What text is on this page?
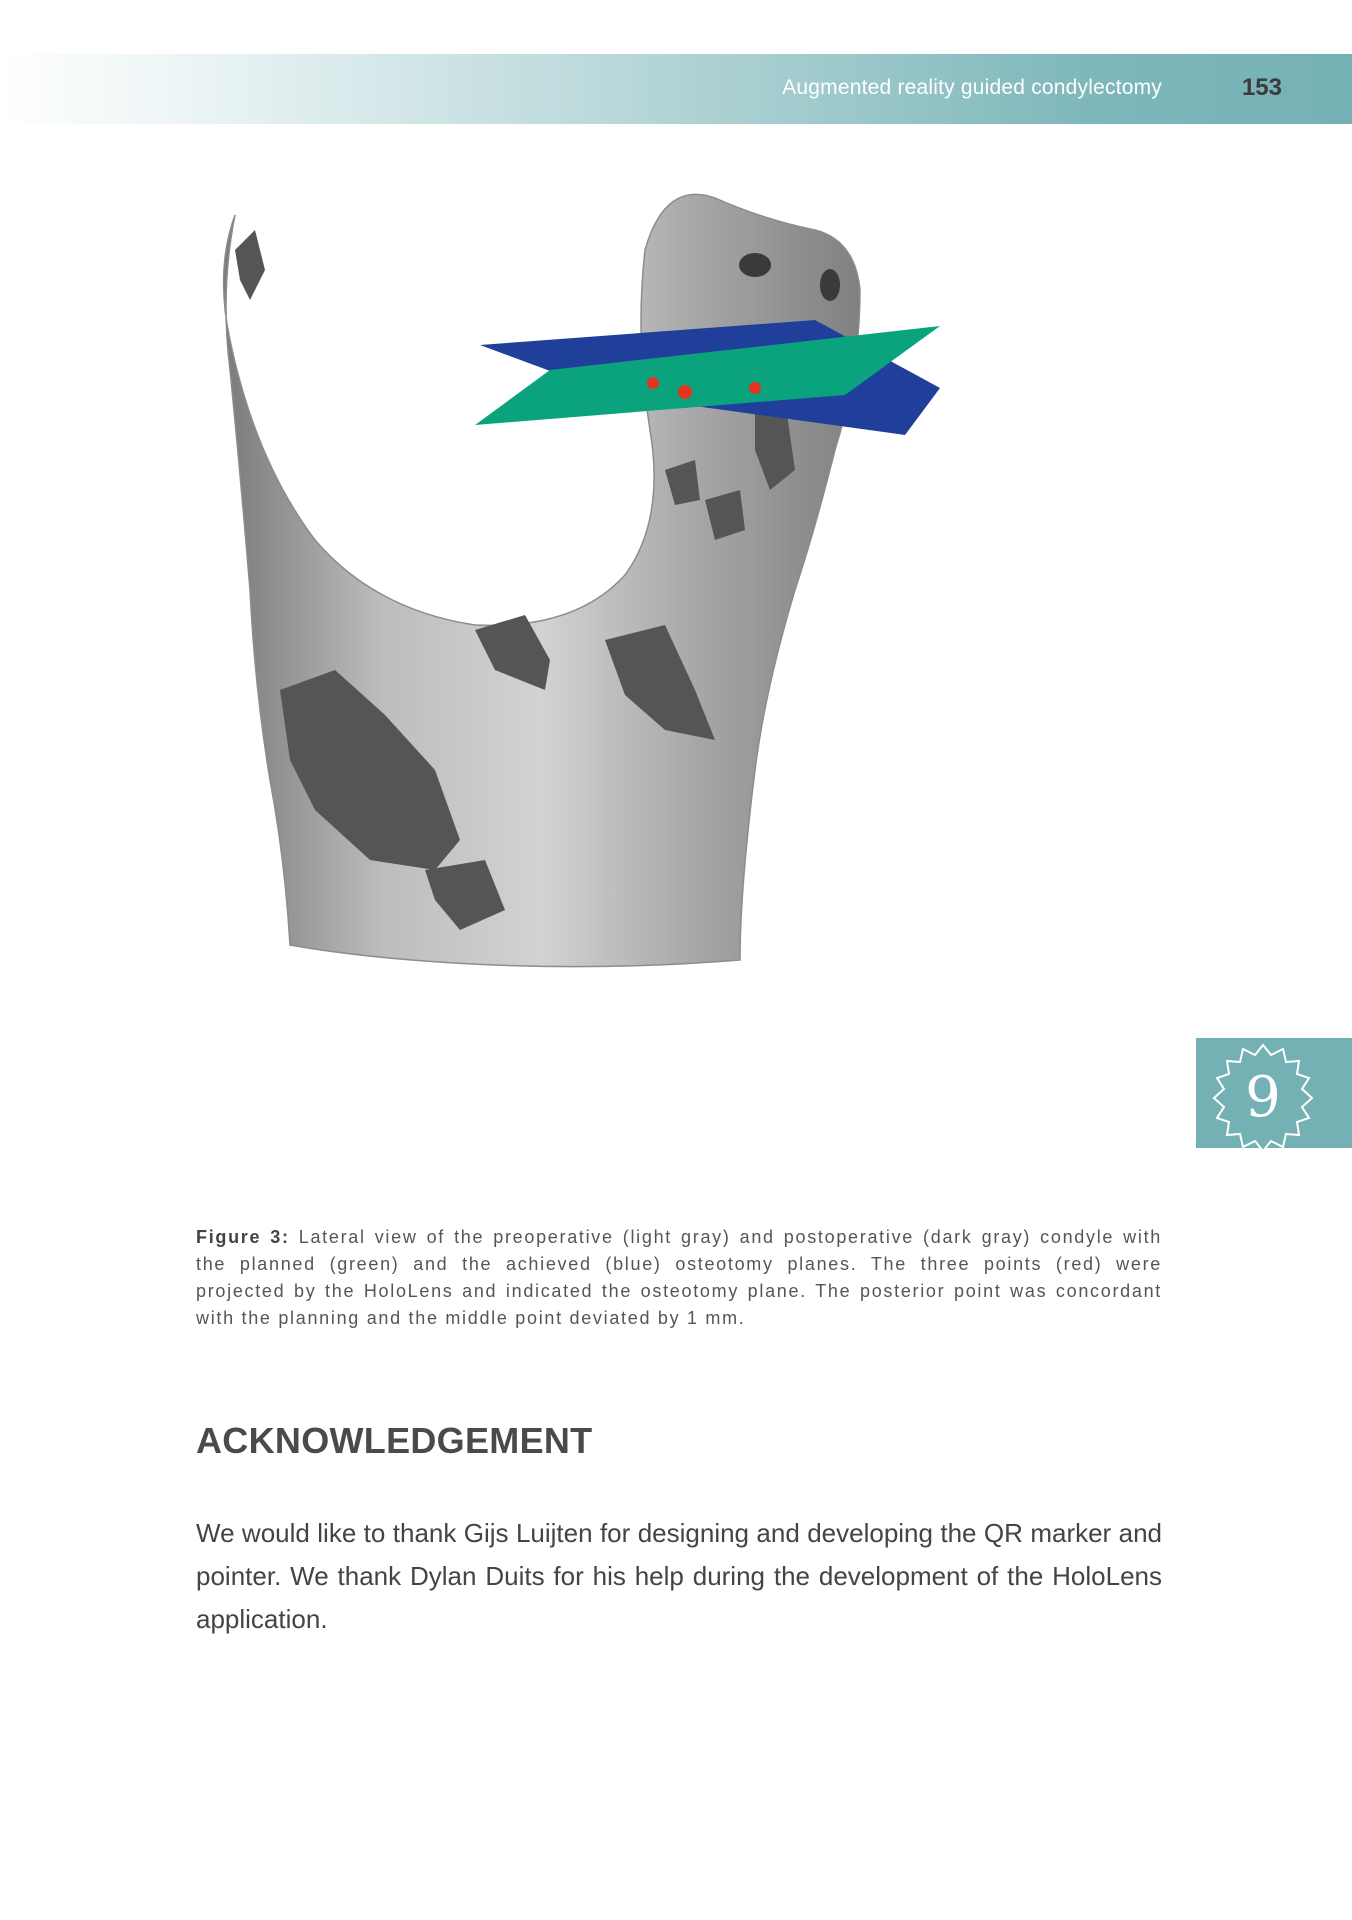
Augmented reality guided condylectomy	153
9
Figure 3: Lateral view of the preoperative (light gray) and postoperative (dark gray) condyle with the planned (green) and the achieved (blue) osteotomy planes. The three points (red) were projected by the HoloLens and indicated the osteotomy plane. The posterior point was concordant with the planning and the middle point deviated by 1 mm.
ACKNOWLEDGEMENT
We would like to thank Gijs Luijten for designing and developing the QR marker and pointer. We thank Dylan Duits for his help during the development of the HoloLens application.
